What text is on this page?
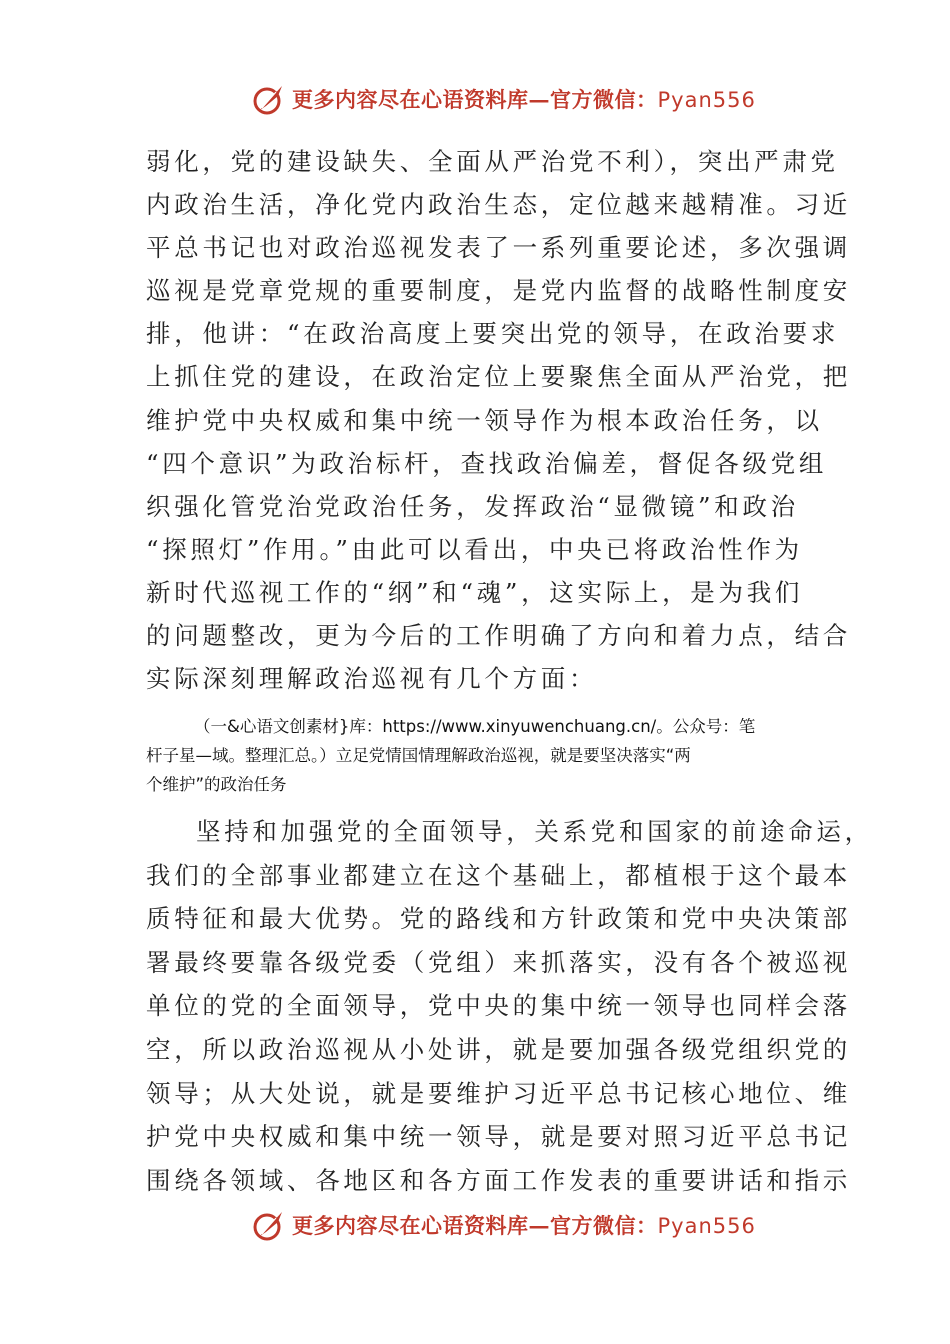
更多内容尽在心语资料库—官方微信：Pyan556
弱化，党的建设缺失、全面从严治党不利），突出严肃党
内政治生活，净化党内政治生态，定位越来越精准。习近
平总书记也对政治巡视发表了一系列重要论述，多次强调
巡视是党章党规的重要制度，是党内监督的战略性制度安
排，他讲：“在政治高度上要突出党的领导，在政治要求
上抓住党的建设，在政治定位上要聚焦全面从严治党，把
维护党中央权威和集中统一领导作为根本政治任务，以
“四个意识”为政治标杆，查找政治偏差，督促各级党组
织强化管党治党政治任务，发挥政治“显微镜”和政治
“探照灯”作用。”由此可以看出，中央已将政治性作为
新时代巡视工作的“纲”和“魂”，这实际上，是为我们
的问题整改，更为今后的工作明确了方向和着力点，结合
实际深刻理解政治巡视有几个方面：
（一&心语文创素材}库：https://www.xinyuwenchuang.cn/。公众号：笔
杆子星—域。整理汇总。）立足党情国情理解政治巡视，就是要坚决落实“两
个维护”的政治任务
坚持和加强党的全面领导，关系党和国家的前途命运，
我们的全部事业都建立在这个基础上，都植根于这个最本
质特征和最大优势。党的路线和方针政策和党中央决策部
署最终要靠各级党委（党组）来抓落实，没有各个被巡视
单位的党的全面领导，党中央的集中统一领导也同样会落
空，所以政治巡视从小处讲，就是要加强各级党组织党的
领导；从大处说，就是要维护习近平总书记核心地位、维
护党中央权威和集中统一领导，就是要对照习近平总书记
围绕各领域、各地区和各方面工作发表的重要讲话和指示
更多内容尽在心语资料库—官方微信：Pyan556
